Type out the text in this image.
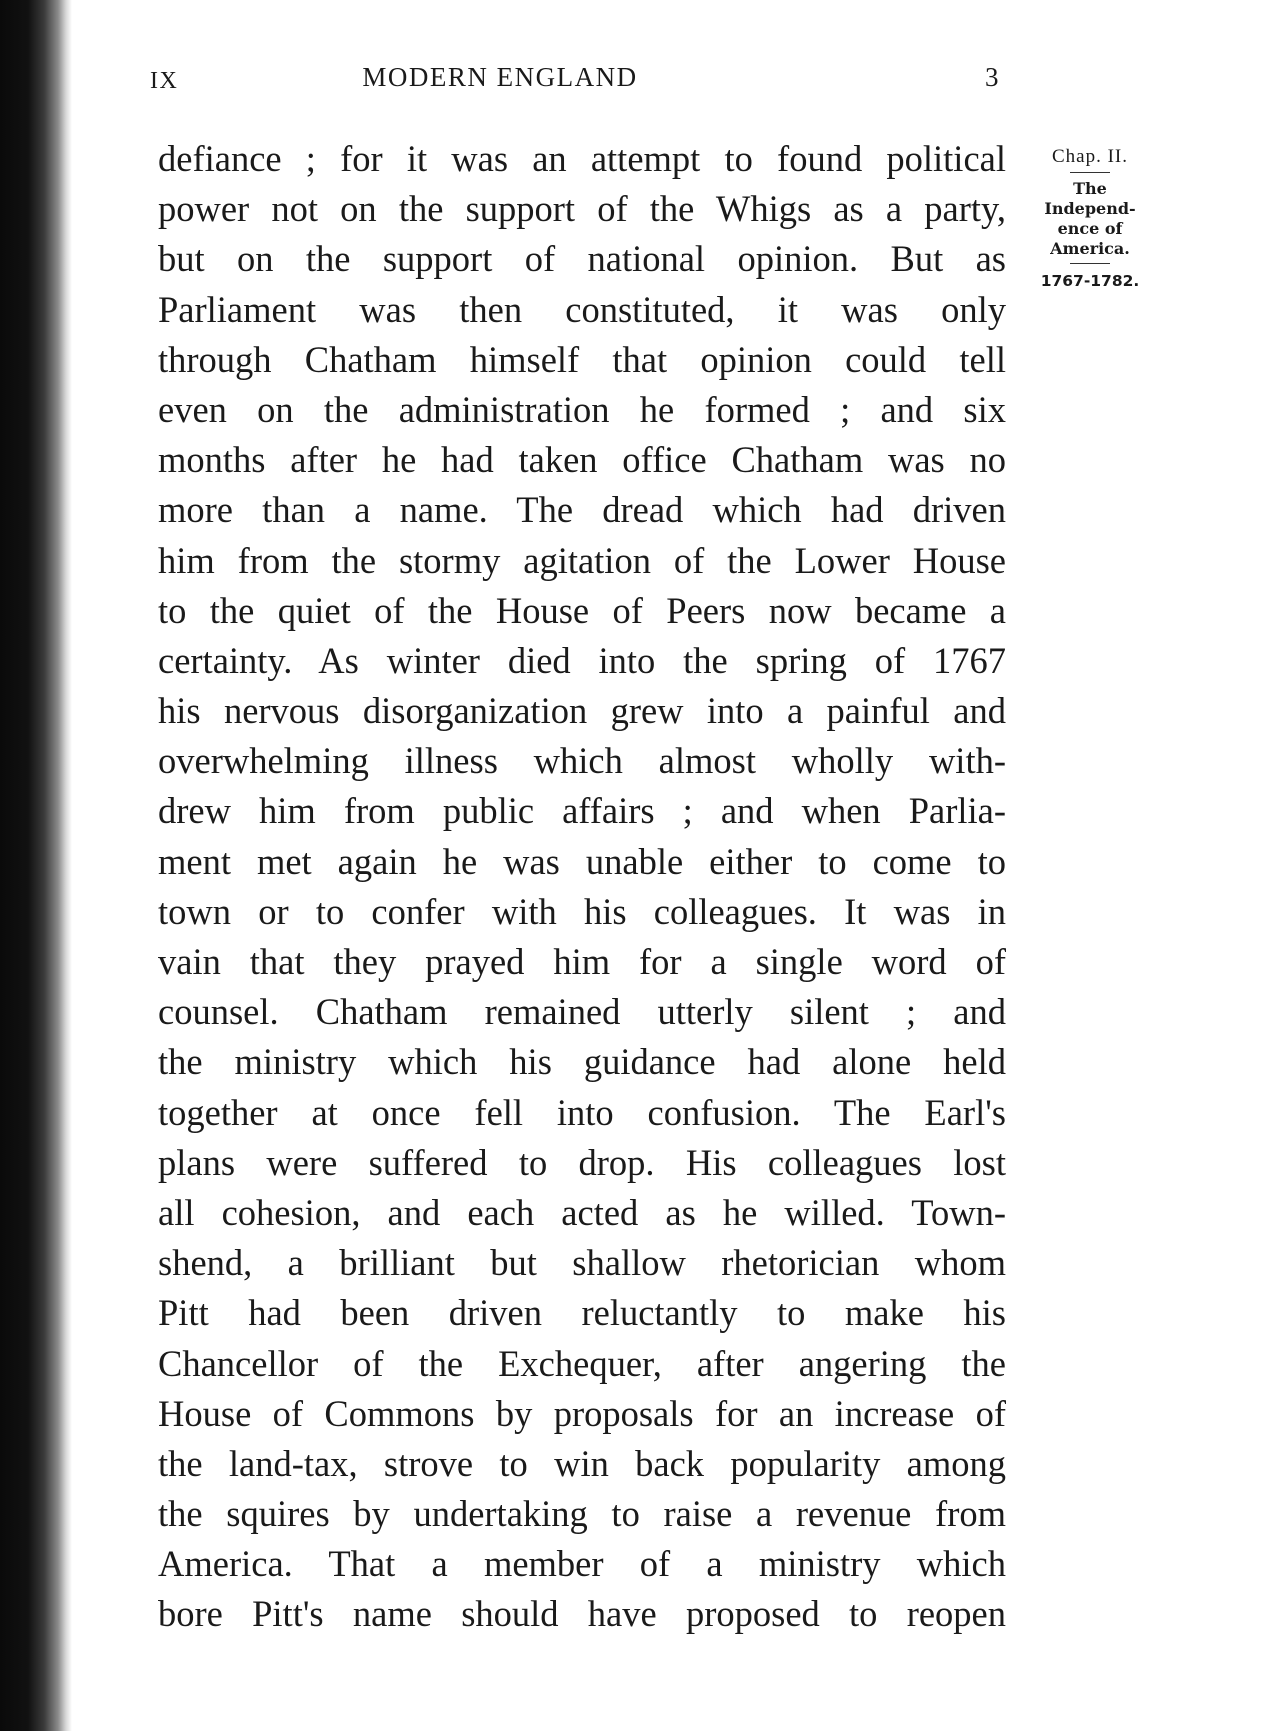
IX	MODERN ENGLAND	3
defiance ; for it was an attempt to found political
power not on the support of the Whigs as a party,
but on the support of national opinion. But as
Parliament was then constituted, it was only
through Chatham himself that opinion could tell
even on the administration he formed ; and six
months after he had taken office Chatham was no
more than a name. The dread which had driven
him from the stormy agitation of the Lower House
to the quiet of the House of Peers now became a
certainty. As winter died into the spring of 1767
his nervous disorganization grew into a painful and
overwhelming illness which almost wholly with-
drew him from public affairs ; and when Parlia-
ment met again he was unable either to come to
town or to confer with his colleagues. It was in
vain that they prayed him for a single word of
counsel. Chatham remained utterly silent ; and
the ministry which his guidance had alone held
together at once fell into confusion. The Earl's
plans were suffered to drop. His colleagues lost
all cohesion, and each acted as he willed. Town-
shend, a brilliant but shallow rhetorician whom
Pitt had been driven reluctantly to make his
Chancellor of the Exchequer, after angering the
House of Commons by proposals for an increase of
the land-tax, strove to win back popularity among
the squires by undertaking to raise a revenue from
America. That a member of a ministry which
bore Pitt's name should have proposed to reopen
Chap. II.
The
Independ-
ence of
America.
1767-1782.
